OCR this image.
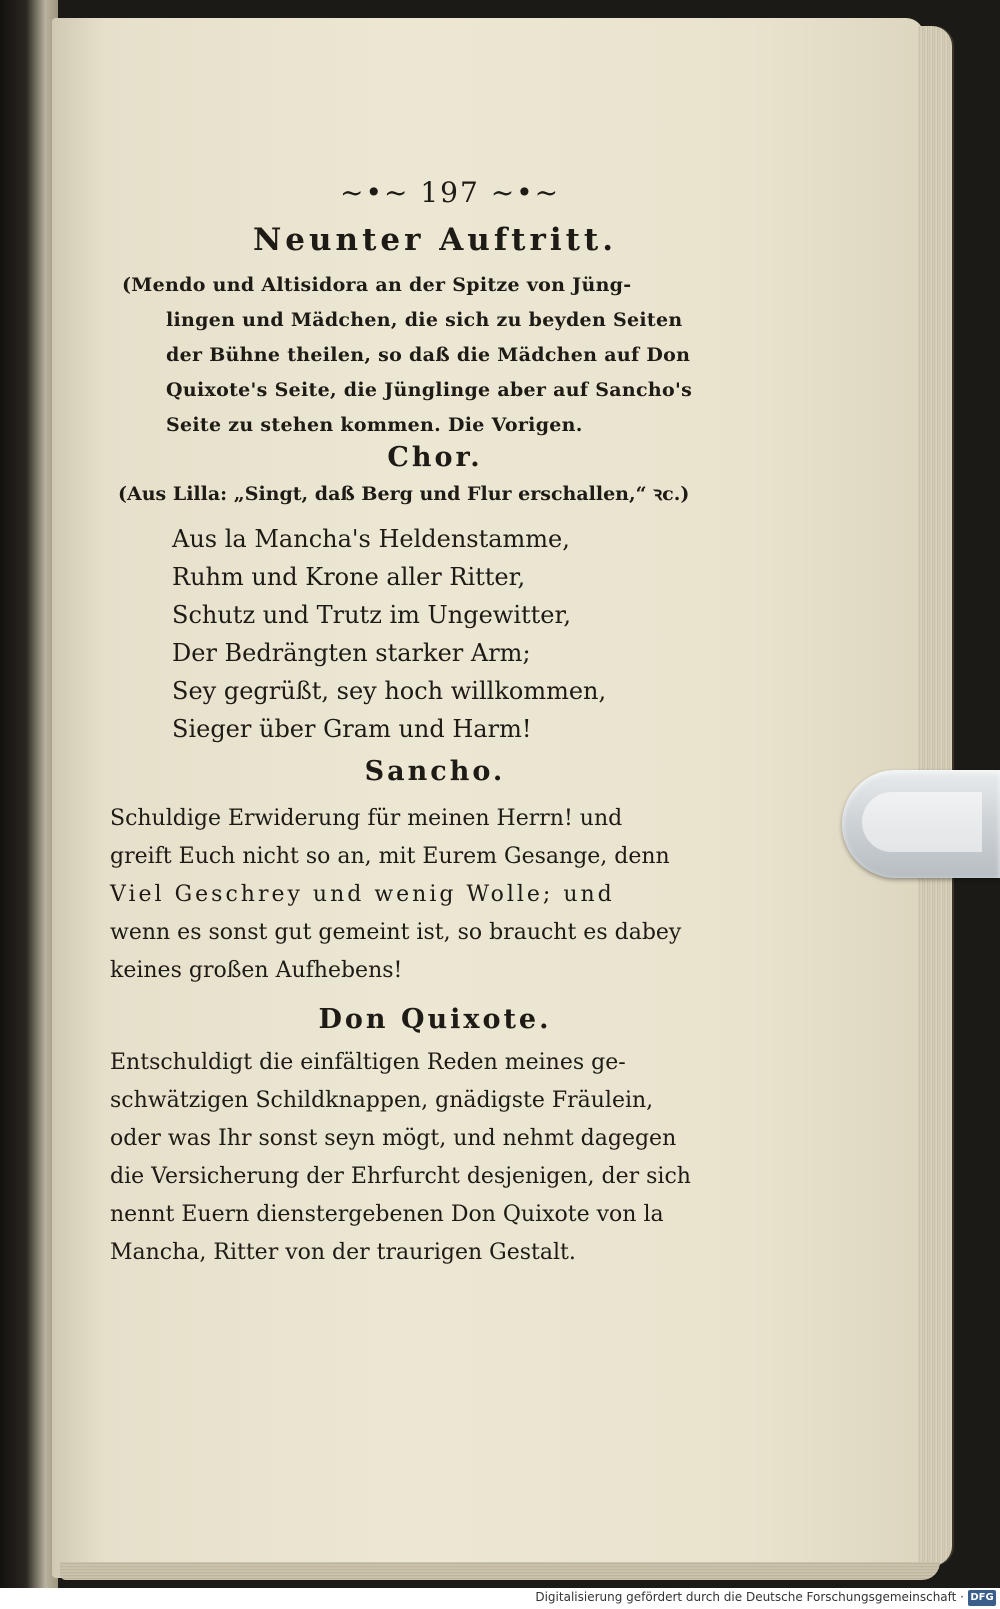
~•~ 197 ~•~
Neunter Auftritt.
(Mendo und Altisidora an der Spitze von Jüng-
lingen und Mädchen, die sich zu beyden Seiten
der Bühne theilen, so daß die Mädchen auf Don
Quixote's Seite, die Jünglinge aber auf Sancho's
Seite zu stehen kommen. Die Vorigen.
Chor.
(Aus Lilla: „Singt, daß Berg und Flur erschallen,“ ꝛc.)
Aus la Mancha's Heldenstamme,
Ruhm und Krone aller Ritter,
Schutz und Trutz im Ungewitter,
Der Bedrängten starker Arm;
Sey gegrüßt, sey hoch willkommen,
Sieger über Gram und Harm!
Sancho.
Schuldige Erwiderung für meinen Herrn! und
greift Euch nicht so an, mit Eurem Gesange, denn
Viel Geschrey und wenig Wolle; und
wenn es sonst gut gemeint ist, so braucht es dabey
keines großen Aufhebens!
Don Quixote.
Entschuldigt die einfältigen Reden meines ge-
schwätzigen Schildknappen, gnädigste Fräulein,
oder was Ihr sonst seyn mögt, und nehmt dagegen
die Versicherung der Ehrfurcht desjenigen, der sich
nennt Euern dienstergebenen Don Quixote von la
Mancha, Ritter von der traurigen Gestalt.
Digitalisierung gefördert durch die Deutsche Forschungsgemeinschaft · DFG
